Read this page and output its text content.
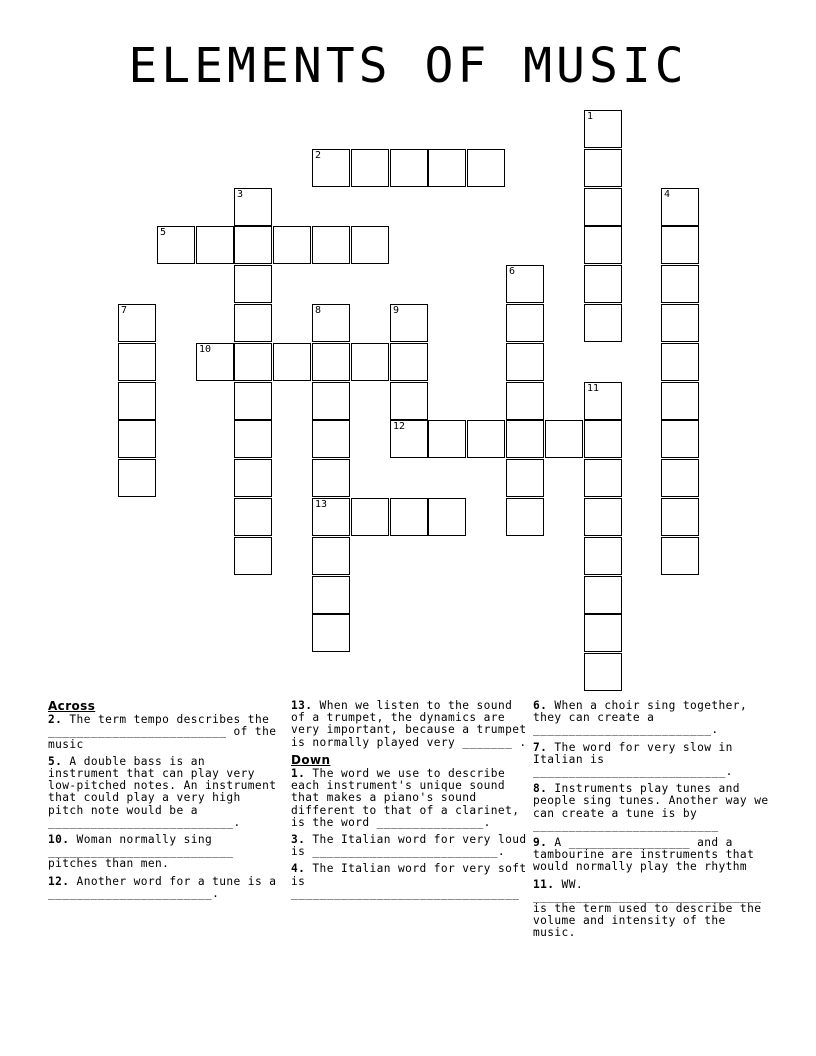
ELEMENTS OF MUSIC
1
2
3	4
5
6
7	8
13
9
10
11
12
Across
2. The term tempo describes the _________________________ of the music
5. A double bass is an instrument that can play very low-pitched notes. An instrument that could play a very high pitch note would be a __________________________.
10. Woman normally sing __________________________ pitches than men.
12. Another word for a tune is a _______________________.
13. When we listen to the sound of a trumpet, the dynamics are very important, because a trumpet is normally played very _______ .
Down
1. The word we use to describe each instrument's unique sound that makes a piano's sound different to that of a clarinet, is the word _______________.
3. The Italian word for very loud is __________________________.
4. The Italian word for very soft is ________________________________
6. When a choir sing together, they can create a _________________________.
7. The word for very slow in Italian is ___________________________.
8. Instruments play tunes and people sing tunes. Another way we can create a tune is by __________________________
9. A _________________ and a tambourine are instruments that would normally play the rhythm
11. WW. ________________________________ is the term used to describe the volume and intensity of the music.
